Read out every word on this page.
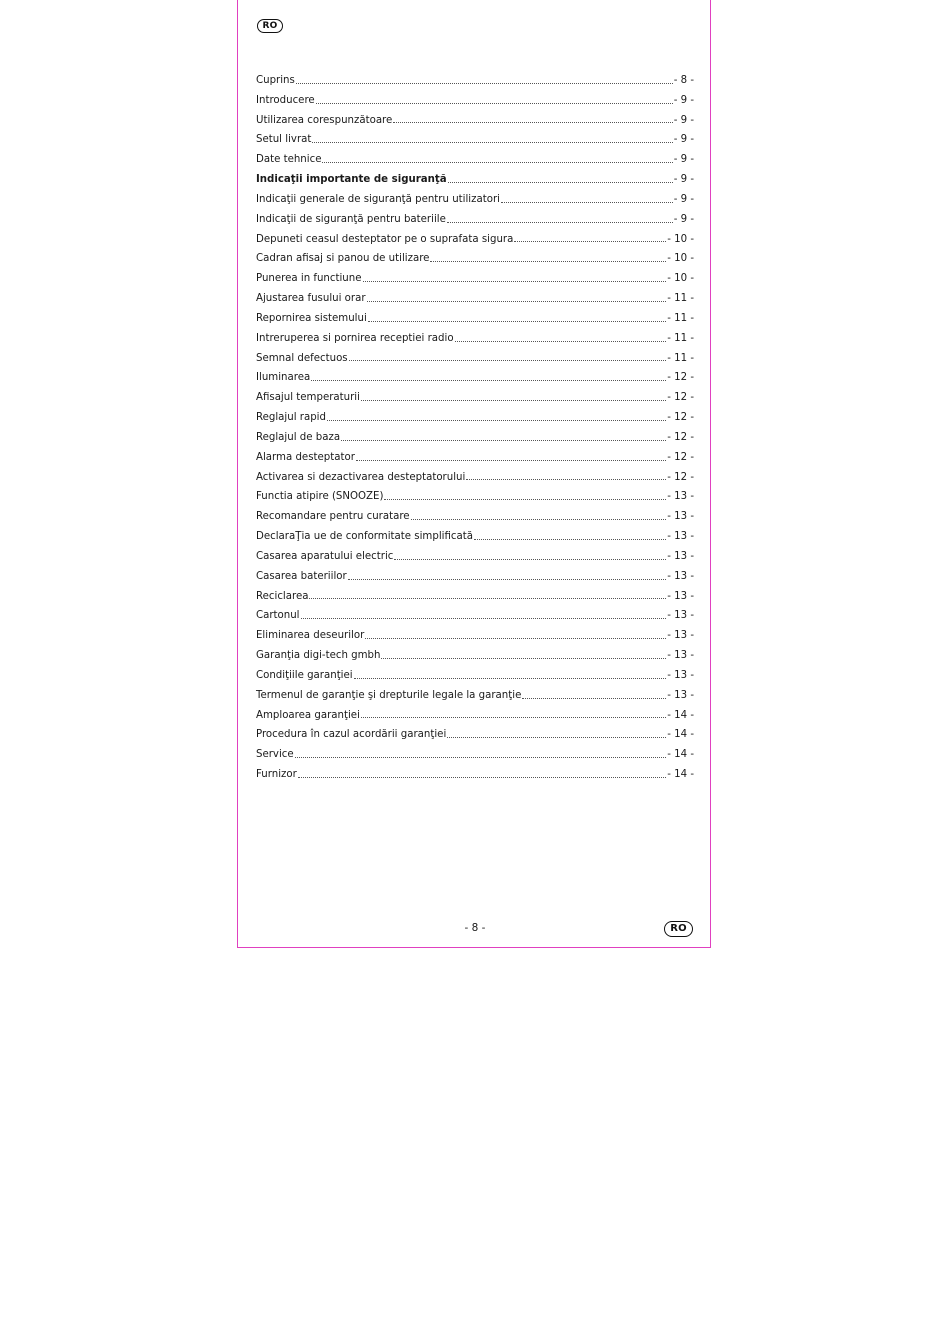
RO
Cuprins	- 8 -
Introducere	- 9 -
Utilizarea corespunzătoare	- 9 -
Setul livrat	- 9 -
Date tehnice	- 9 -
Indicaţii importante de siguranţă	- 9 -
Indicaţii generale de siguranţă pentru utilizatori	- 9 -
Indicaţii de siguranţă pentru bateriile	- 9 -
Depuneti ceasul desteptator pe o suprafata sigura	- 10 -
Cadran afisaj si panou de utilizare	- 10 -
Punerea in functiune	- 10 -
Ajustarea fusului orar	- 11 -
Repornirea sistemului	- 11 -
Intreruperea si pornirea receptiei radio	- 11 -
Semnal defectuos	- 11 -
Iluminarea	- 12 -
Afisajul temperaturii	- 12 -
Reglajul rapid	- 12 -
Reglajul de baza	- 12 -
Alarma desteptator	- 12 -
Activarea si dezactivarea desteptatorului	- 12 -
Functia atipire (SNOOZE)	- 13 -
Recomandare pentru curatare	- 13 -
DeclaraŢia ue de conformitate simplificată	- 13 -
Casarea aparatului electric	- 13 -
Casarea bateriilor	- 13 -
Reciclarea	- 13 -
Cartonul	- 13 -
Eliminarea deseurilor	- 13 -
Garanţia digi-tech gmbh	- 13 -
Condiţiile garanţiei	- 13 -
Termenul de garanţie şi drepturile legale la garanţie	- 13 -
Amploarea garanţiei	- 14 -
Procedura în cazul acordării garanţiei	- 14 -
Service	- 14 -
Furnizor	- 14 -
- 8 -	RO
